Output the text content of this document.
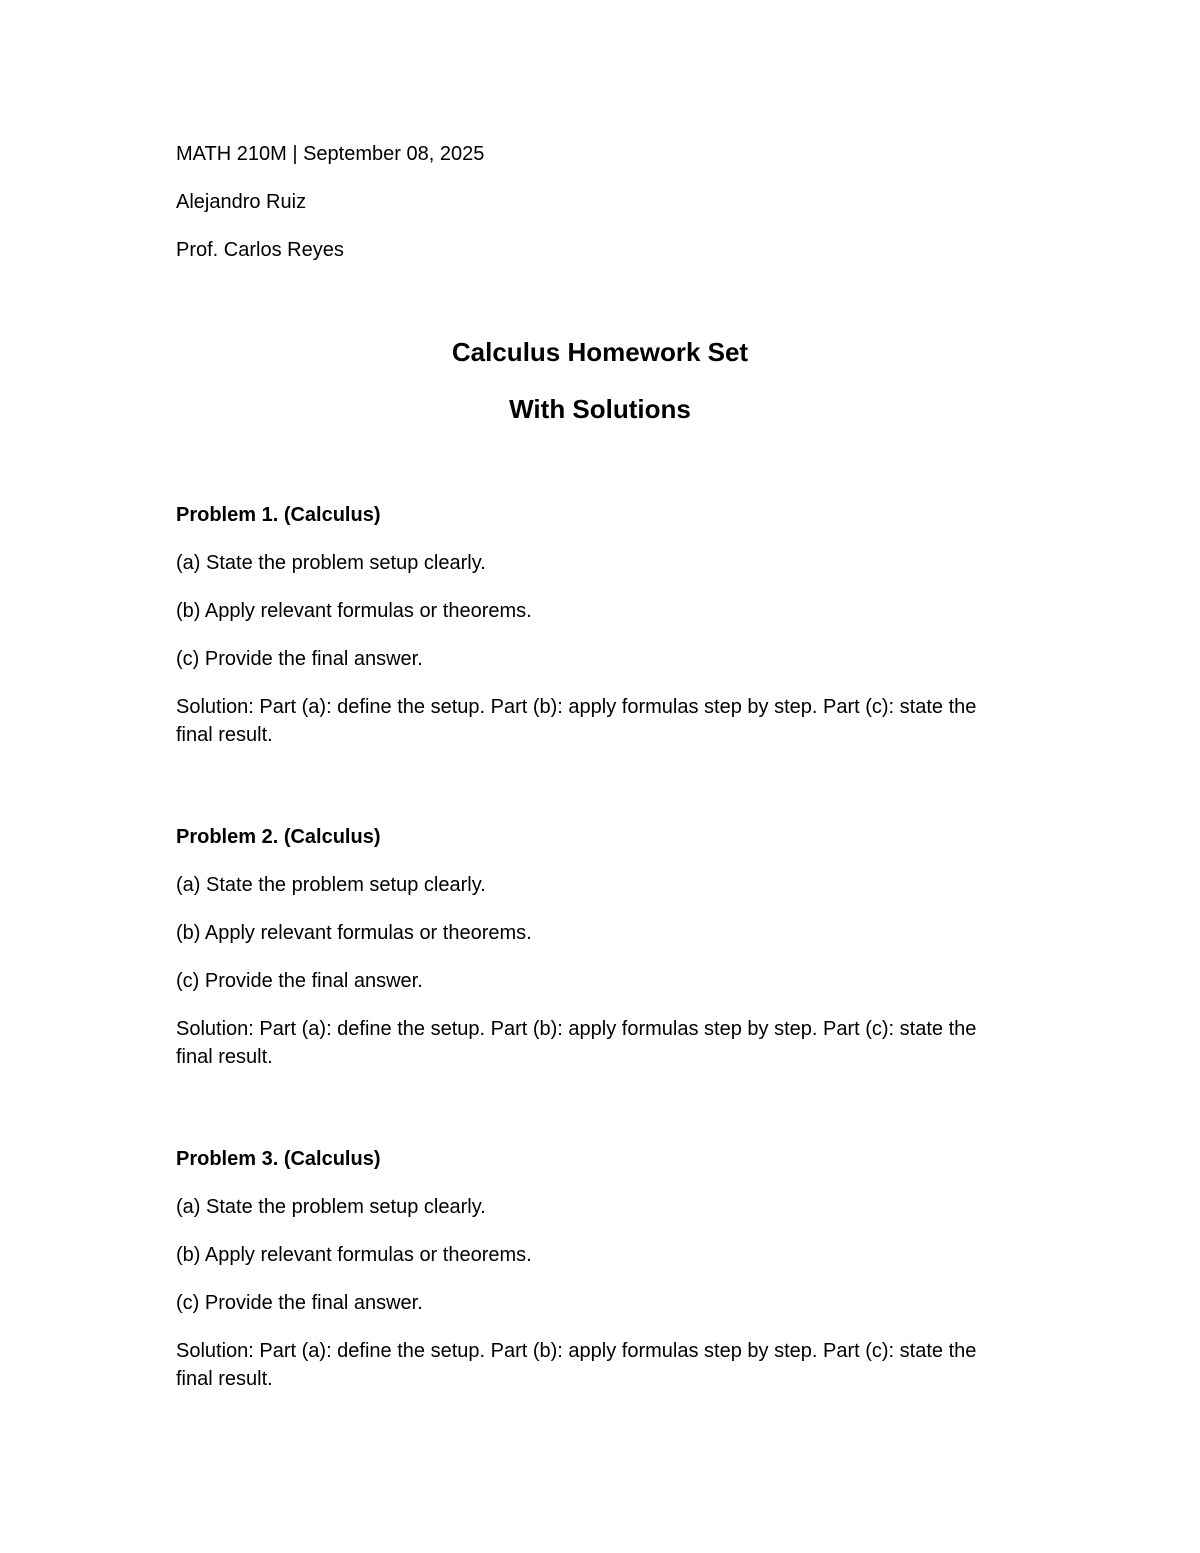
MATH 210M | September 08, 2025

Alejandro Ruiz

Prof. Carlos Reyes

Calculus Homework Set

With Solutions

Problem 1. (Calculus)

(a) State the problem setup clearly.

(b) Apply relevant formulas or theorems.

(c) Provide the final answer.

Solution: Part (a): define the setup. Part (b): apply formulas step by step. Part (c): state the final result.

Problem 2. (Calculus)

(a) State the problem setup clearly.

(b) Apply relevant formulas or theorems.

(c) Provide the final answer.

Solution: Part (a): define the setup. Part (b): apply formulas step by step. Part (c): state the final result.

Problem 3. (Calculus)

(a) State the problem setup clearly.

(b) Apply relevant formulas or theorems.

(c) Provide the final answer.

Solution: Part (a): define the setup. Part (b): apply formulas step by step. Part (c): state the final result.
